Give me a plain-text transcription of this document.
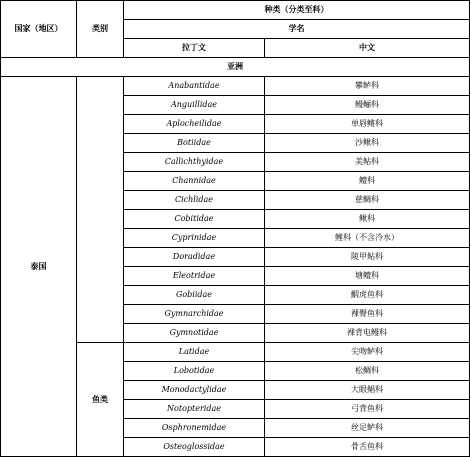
国家（地区）	类别	种类（分类至科）	
		学名	
		拉丁文	中文
亚洲			
泰国		Anabantidae	攀鲈科
		Anguillidae	鳗鲡科
		Aplocheilidae	单唇鳉科
		Botiidae	沙鳅科
		Callichthyidae	美鲇科
		Channidae	鳢科
		Cichlidae	慈鲷科
		Cobitidae	鳅科
		Cyprinidae	鲤科（不含冷水）
		Doradidae	陵甲鲇科
		Eleotridae	塘鳢科
		Gobiidae	鰕虎鱼科
		Gymnarchidae	裸臀鱼科
		Gymnotidae	裸背电鳗科
	鱼类	Latidae	尖吻鲈科
		Lobotidae	松鲷科
		Monodactylidae	大眼鲳科
		Notopteridae	弓背鱼科
		Osphronemidae	丝足鲈科
		Osteoglossidae	骨舌鱼科
